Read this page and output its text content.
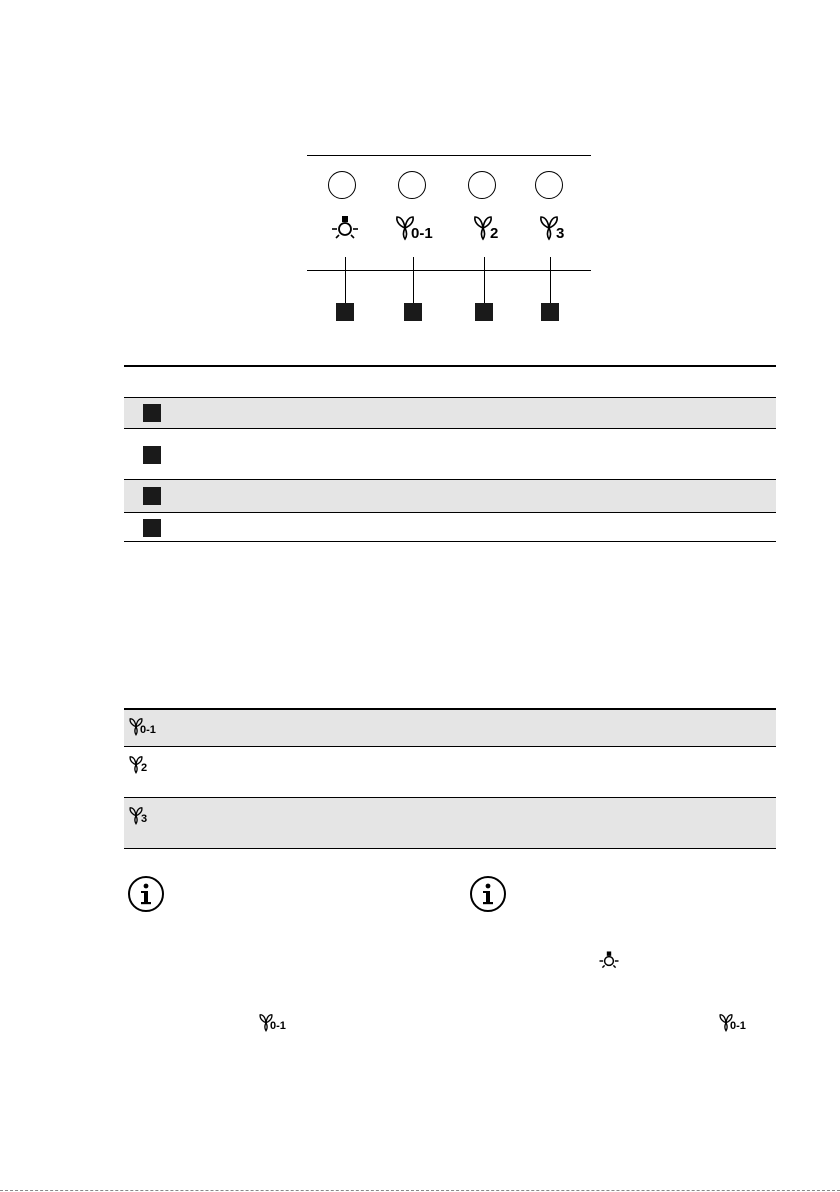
0-1	2	3
0-1
2
3
0-1	0-1
